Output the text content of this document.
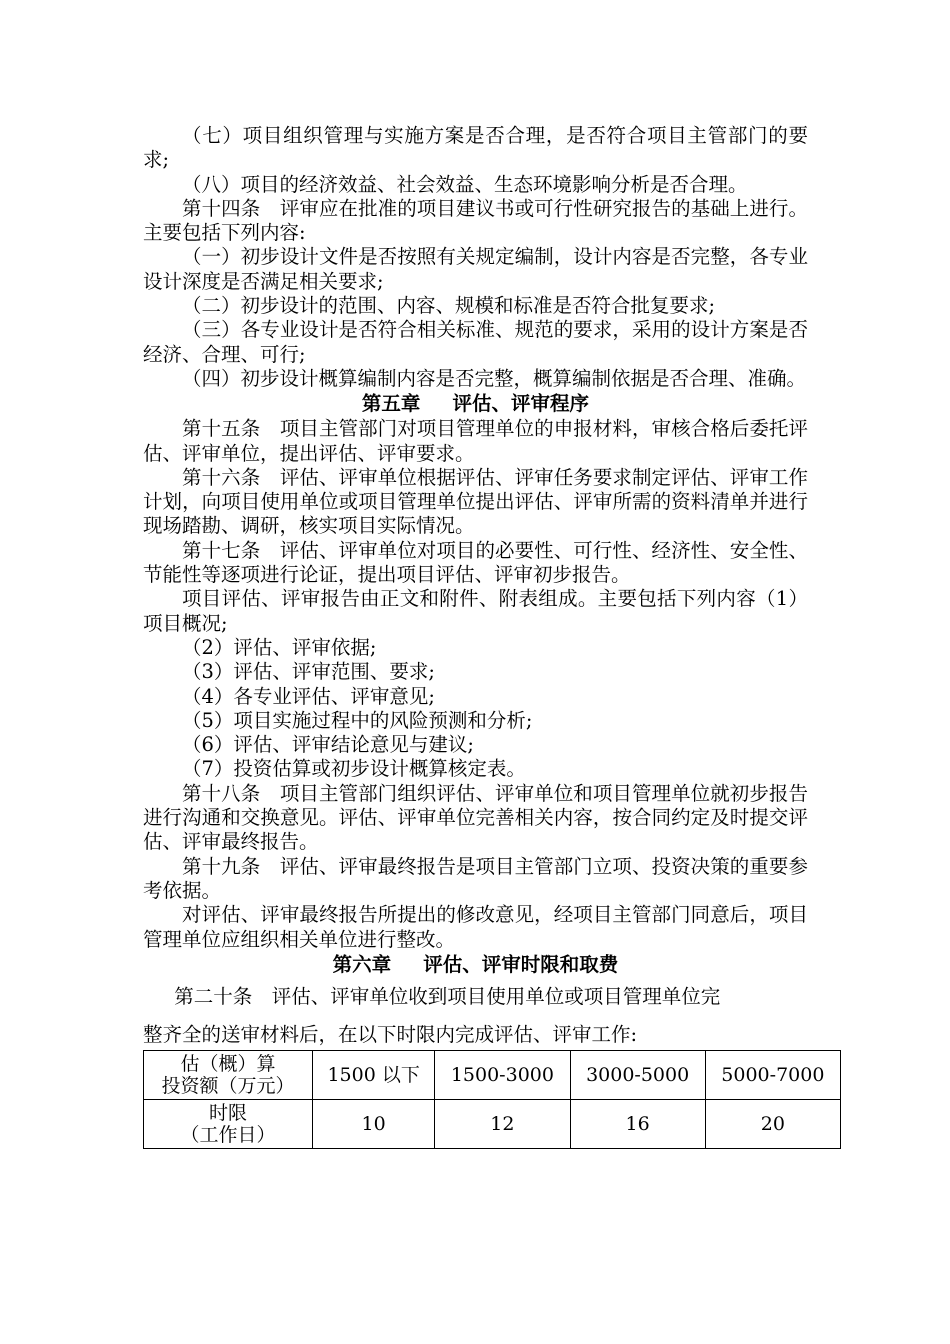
（七）项目组织管理与实施方案是否合理，是否符合项目主管部门的要求;

（八）项目的经济效益、社会效益、生态环境影响分析是否合理。

第十四条　评审应在批准的项目建议书或可行性研究报告的基础上进行。主要包括下列内容:

（一）初步设计文件是否按照有关规定编制，设计内容是否完整，各专业设计深度是否满足相关要求;

（二）初步设计的范围、内容、规模和标准是否符合批复要求;

（三）各专业设计是否符合相关标准、规范的要求，采用的设计方案是否经济、合理、可行;

（四）初步设计概算编制内容是否完整，概算编制依据是否合理、准确。

第五章　 评估、评审程序

第十五条　项目主管部门对项目管理单位的申报材料，审核合格后委托评估、评审单位，提出评估、评审要求。

第十六条　评估、评审单位根据评估、评审任务要求制定评估、评审工作计划，向项目使用单位或项目管理单位提出评估、评审所需的资料清单并进行现场踏勘、调研，核实项目实际情况。

第十七条　评估、评审单位对项目的必要性、可行性、经济性、安全性、节能性等逐项进行论证，提出项目评估、评审初步报告。

项目评估、评审报告由正文和附件、附表组成。主要包括下列内容（1）项目概况;

（2）评估、评审依据;

（3）评估、评审范围、要求;

（4）各专业评估、评审意见;

（5）项目实施过程中的风险预测和分析;

（6）评估、评审结论意见与建议;

（7）投资估算或初步设计概算核定表。

第十八条　项目主管部门组织评估、评审单位和项目管理单位就初步报告进行沟通和交换意见。评估、评审单位完善相关内容，按合同约定及时提交评估、评审最终报告。

第十九条　评估、评审最终报告是项目主管部门立项、投资决策的重要参考依据。

对评估、评审最终报告所提出的修改意见，经项目主管部门同意后，项目管理单位应组织相关单位进行整改。

第六章　 评估、评审时限和取费

第二十条　评估、评审单位收到项目使用单位或项目管理单位完

整齐全的送审材料后，在以下时限内完成评估、评审工作:

估（概）算
投资额（万元）	1500 以下	1500-3000	3000-5000	5000-7000
时限
（工作日）	10	12	16	20
